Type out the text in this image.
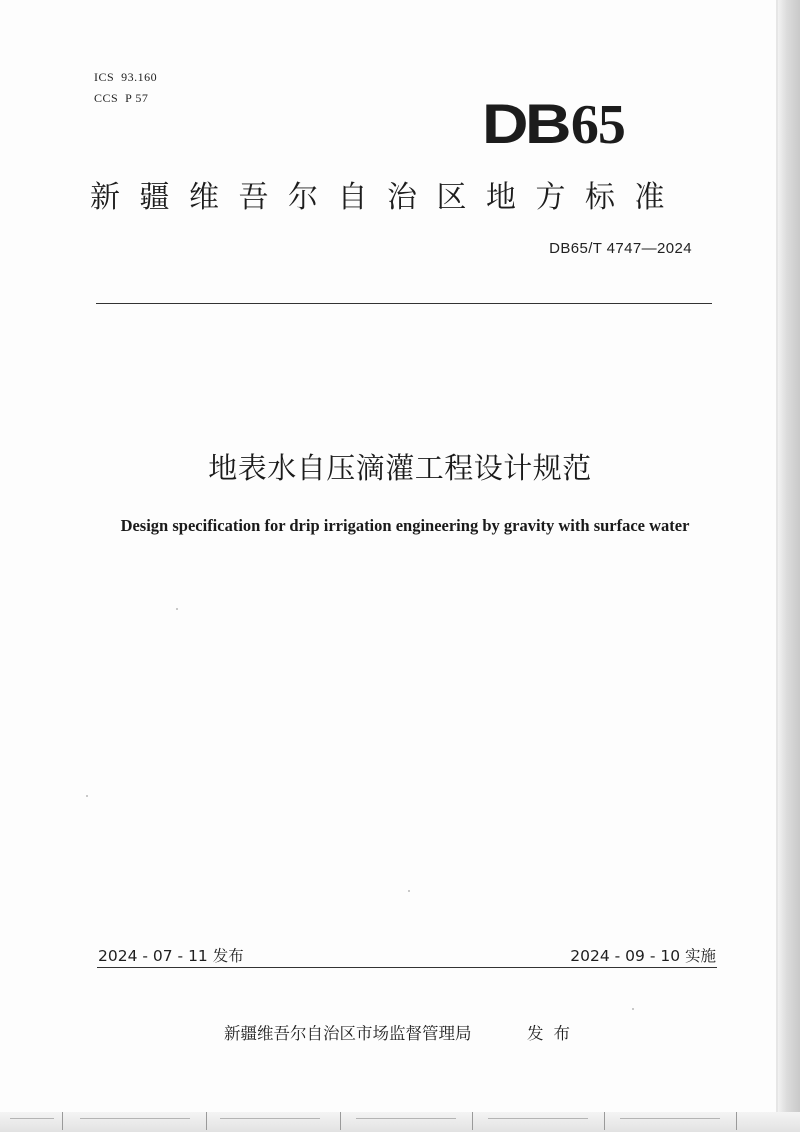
ICS  93.160
CCS  P 57	DB65
新疆维吾尔自治区地方标准
DB65/T 4747—2024
地表水自压滴灌工程设计规范
Design specification for drip irrigation engineering by gravity with surface water
2024 - 07 - 11 发布	2024 - 09 - 10 实施
新疆维吾尔自治区市场监督管理局	发布
